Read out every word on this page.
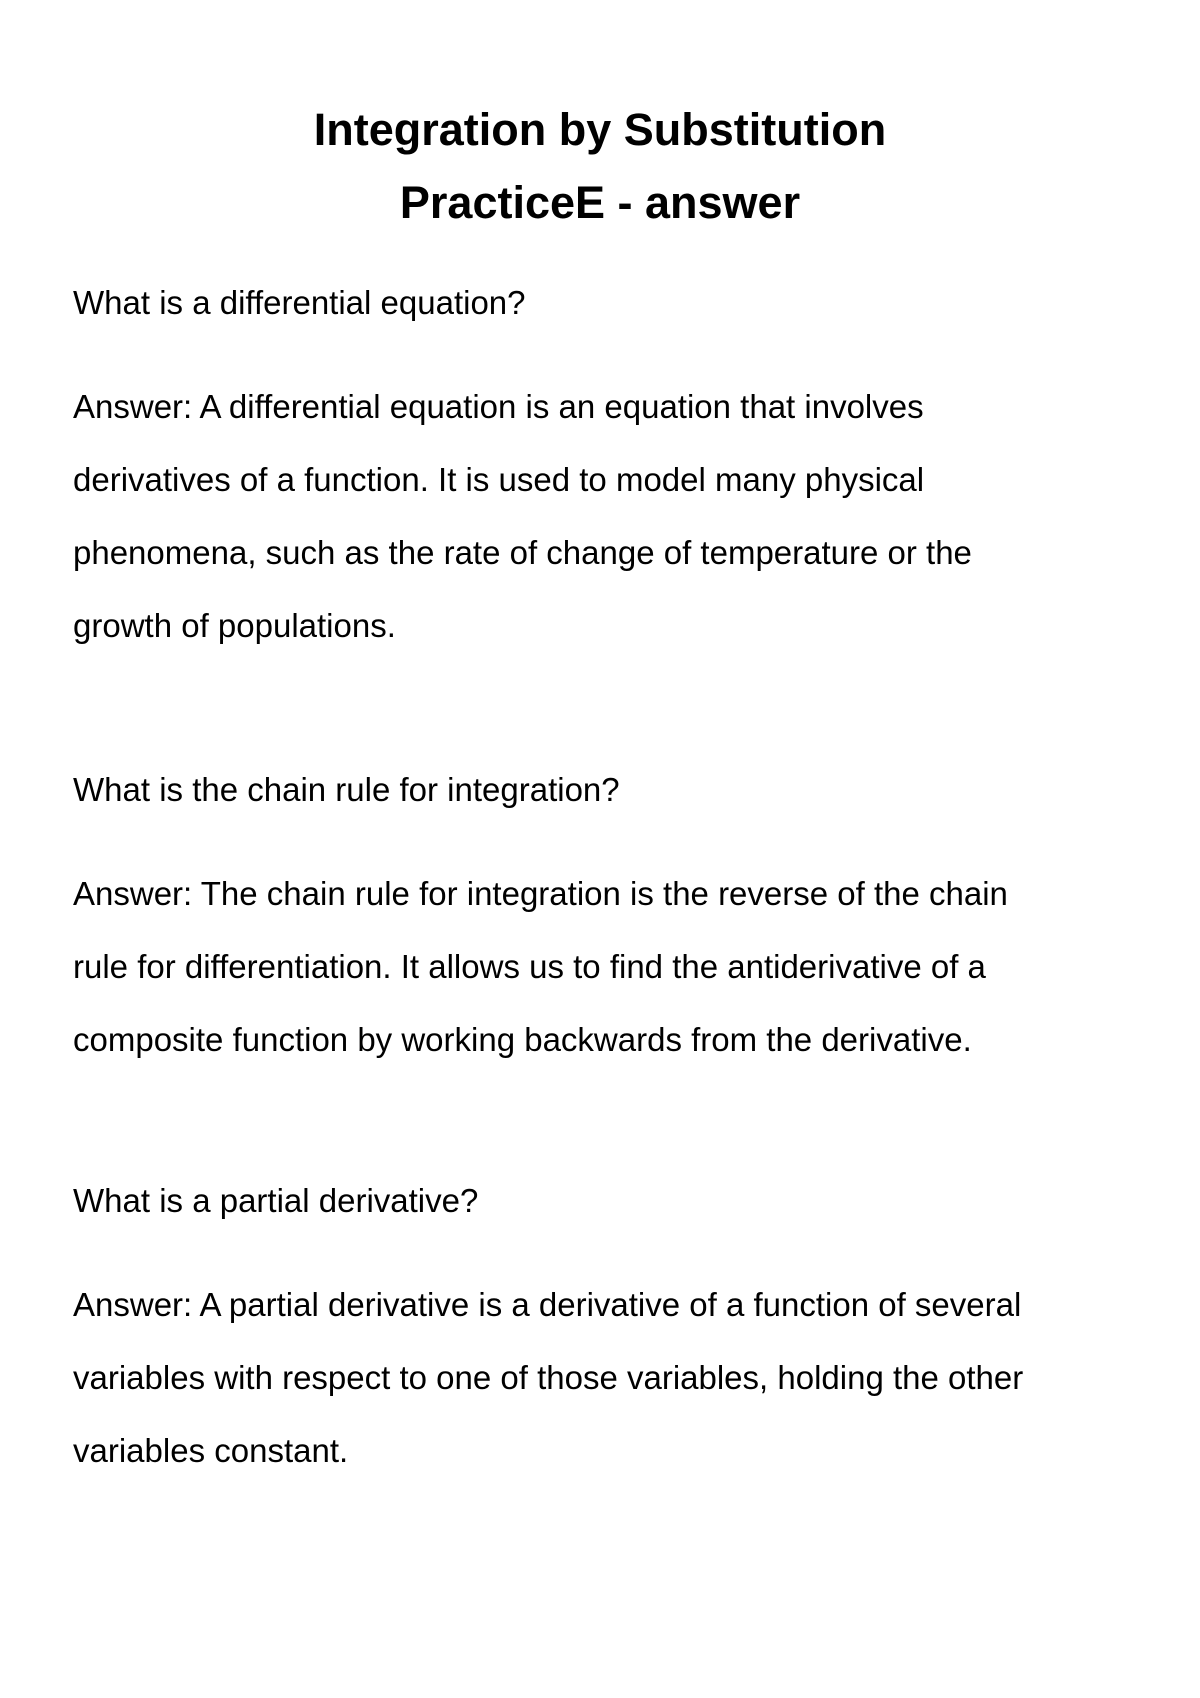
Integration by Substitution
PracticeE - answer

What is a differential equation?

Answer: A differential equation is an equation that involves
derivatives of a function. It is used to model many physical
phenomena, such as the rate of change of temperature or the
growth of populations.

What is the chain rule for integration?

Answer: The chain rule for integration is the reverse of the chain
rule for differentiation. It allows us to find the antiderivative of a
composite function by working backwards from the derivative.

What is a partial derivative?

Answer: A partial derivative is a derivative of a function of several
variables with respect to one of those variables, holding the other
variables constant.
